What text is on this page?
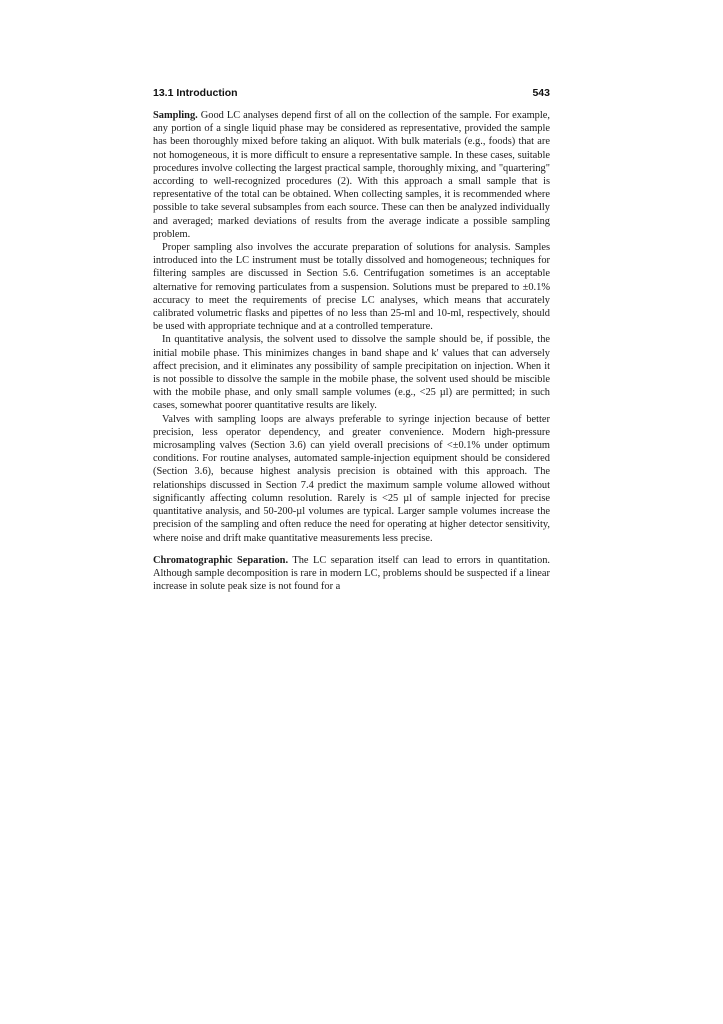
13.1 Introduction	543

Sampling. Good LC analyses depend first of all on the collection of the sample. For example, any portion of a single liquid phase may be considered as representative, provided the sample has been thoroughly mixed before taking an aliquot. With bulk materials (e.g., foods) that are not homogeneous, it is more difficult to ensure a representative sample. In these cases, suitable procedures involve collecting the largest practical sample, thoroughly mixing, and "quartering" according to well-recognized procedures (2). With this approach a small sample that is representative of the total can be obtained. When collecting samples, it is recommended where possible to take several subsamples from each source. These can then be analyzed individually and averaged; marked deviations of results from the average indicate a possible sampling problem.

Proper sampling also involves the accurate preparation of solutions for analysis. Samples introduced into the LC instrument must be totally dissolved and homogeneous; techniques for filtering samples are discussed in Section 5.6. Centrifugation sometimes is an acceptable alternative for removing particulates from a suspension. Solutions must be prepared to ±0.1% accuracy to meet the requirements of precise LC analyses, which means that accurately calibrated volumetric flasks and pipettes of no less than 25-ml and 10-ml, respectively, should be used with appropriate technique and at a controlled temperature.

In quantitative analysis, the solvent used to dissolve the sample should be, if possible, the initial mobile phase. This minimizes changes in band shape and k′ values that can adversely affect precision, and it eliminates any possibility of sample precipitation on injection. When it is not possible to dissolve the sample in the mobile phase, the solvent used should be miscible with the mobile phase, and only small sample volumes (e.g., <25 µl) are permitted; in such cases, somewhat poorer quantitative results are likely.

Valves with sampling loops are always preferable to syringe injection because of better precision, less operator dependency, and greater convenience. Modern high-pressure microsampling valves (Section 3.6) can yield overall precisions of <±0.1% under optimum conditions. For routine analyses, automated sample-injection equipment should be considered (Section 3.6), because highest analysis precision is obtained with this approach. The relationships discussed in Section 7.4 predict the maximum sample volume allowed without significantly affecting column resolution. Rarely is <25 µl of sample injected for precise quantitative analysis, and 50-200-µl volumes are typical. Larger sample volumes increase the precision of the sampling and often reduce the need for operating at higher detector sensitivity, where noise and drift make quantitative measurements less precise.

Chromatographic Separation. The LC separation itself can lead to errors in quantitation. Although sample decomposition is rare in modern LC, problems should be suspected if a linear increase in solute peak size is not found for a
